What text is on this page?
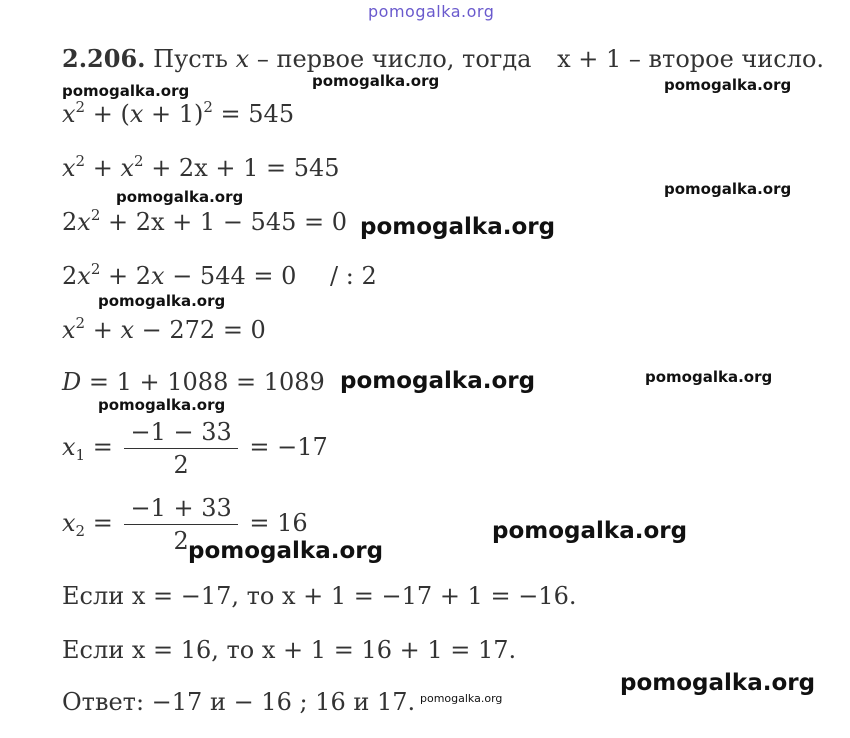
pomogalka.org
2.206. Пусть x – первое число, тогда x + 1 – второе число.
$x^2 + (x + 1)^2 = 545$
$x^2 + x^2 + 2x + 1 = 545$
$2x^2 + 2x + 1 - 545 = 0$
$2x^2 + 2x - 544 = 0$ / : 2
$x^2 + x - 272 = 0$
D = 1 + 1088 = 1089
$x_1 = \frac{-1 - 33}{2} = -17$
$x_2 = \frac{-1 + 33}{2} = 16$
Если x = −17, то x + 1 = −17 + 1 = −16.
Если x = 16, то x + 1 = 16 + 1 = 17.
Ответ: −17 и − 16 ; 16 и 17.
pomogalka.org
pomogalka.org	pomogalka.org
pomogalka.org	pomogalka.org
pomogalka.org
pomogalka.org
pomogalka.org	pomogalka.org
pomogalka.org
pomogalka.org
pomogalka.org
pomogalka.org
pomogalka.org
